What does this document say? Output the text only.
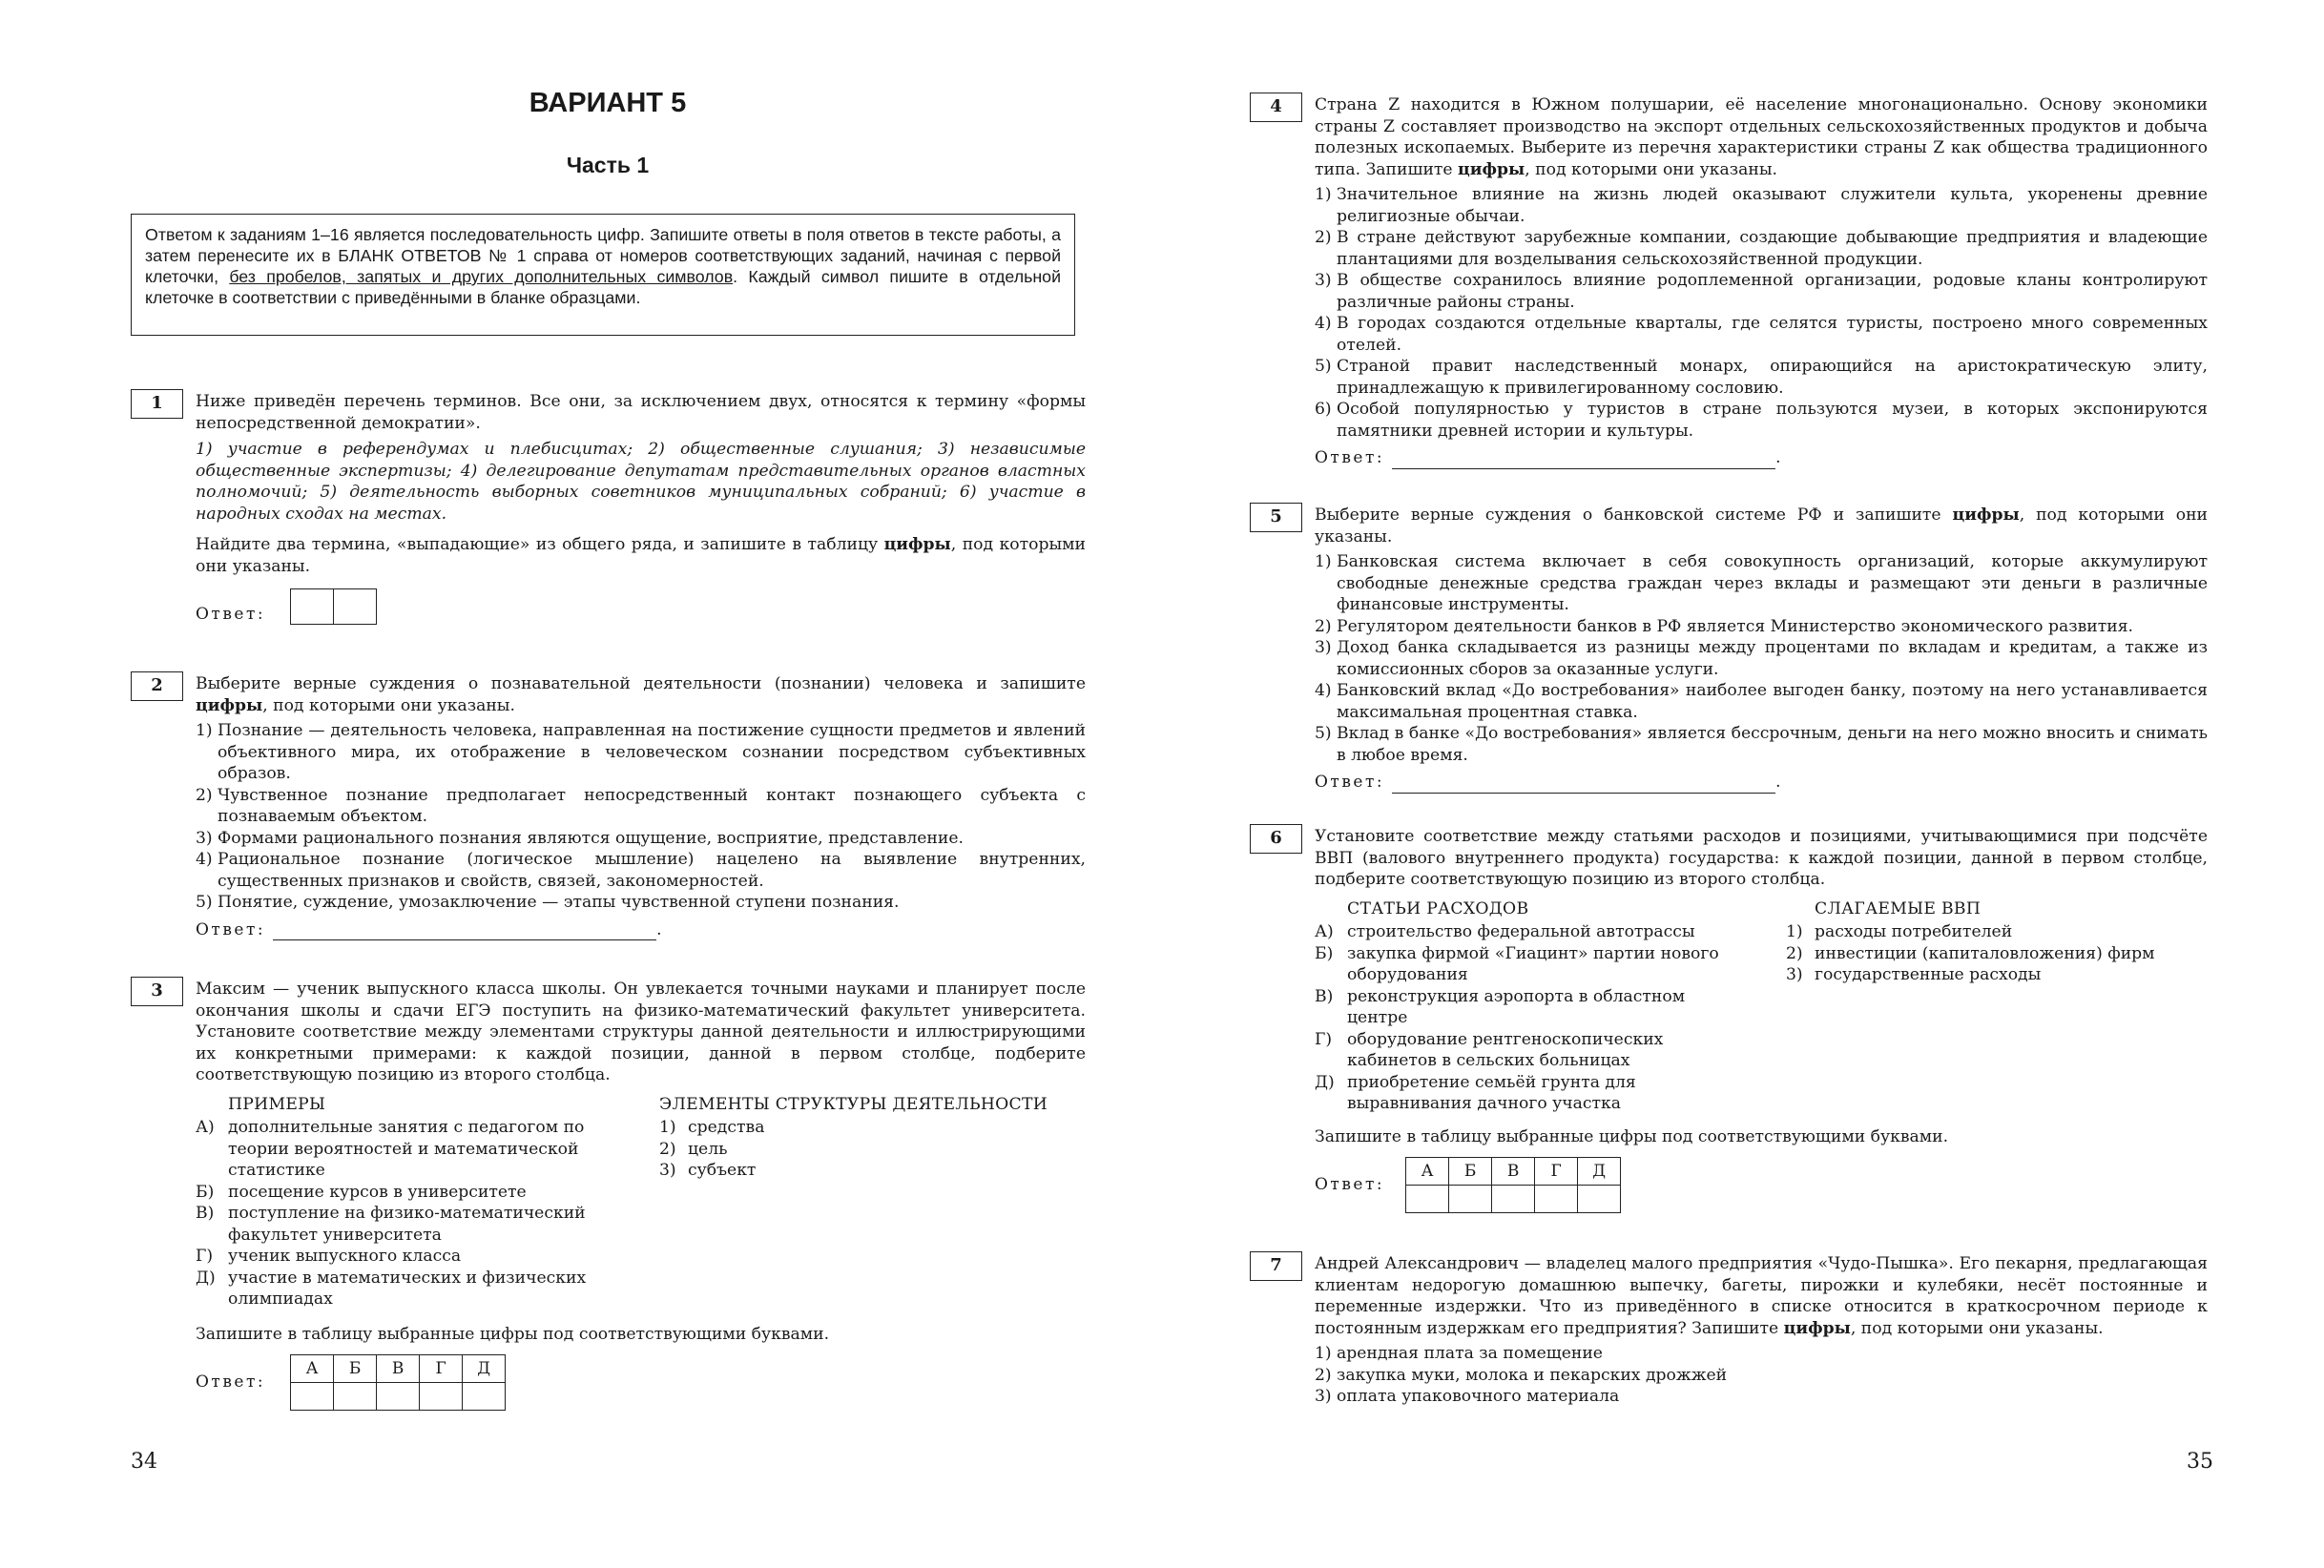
ВАРИАНТ 5
Часть 1
Ответом к заданиям 1–16 является последовательность цифр. Запишите ответы в поля ответов в тексте работы, а затем перенесите их в БЛАНК ОТВЕТОВ № 1 справа от номеров соответствующих заданий, начиная с первой клеточки, без пробелов, запятых и других дополнительных символов. Каждый символ пишите в отдельной клеточке в соответствии с приведёнными в бланке образцами.
1	Ниже приведён перечень терминов. Все они, за исключением двух, относятся к термину «формы непосредственной демократии».

1) участие в референдумах и плебисцитах; 2) общественные слушания; 3) независимые общественные экспертизы; 4) делегирование депутатам представительных органов властных полномочий; 5) деятельность выборных советников муниципальных собраний; 6) участие в народных сходах на местах.

Найдите два термина, «выпадающие» из общего ряда, и запишите в таблицу цифры, под которыми они указаны.

Ответ:

2	Выберите верные суждения о познавательной деятельности (познании) человека и запишите цифры, под которыми они указаны.

1) Познание — деятельность человека, направленная на постижение сущности предметов и явлений объективного мира, их отображение в человеческом сознании посредством субъективных образов.
2) Чувственное познание предполагает непосредственный контакт познающего субъекта с познаваемым объектом.
3) Формами рационального познания являются ощущение, восприятие, представление.
4) Рациональное познание (логическое мышление) нацелено на выявление внутренних, существенных признаков и свойств, связей, закономерностей.
5) Понятие, суждение, умозаключение — этапы чувственной ступени познания.
Ответ:	.
3	Максим — ученик выпускного класса школы. Он увлекается точными науками и планирует после окончания школы и сдачи ЕГЭ поступить на физико-математический факультет университета. Установите соответствие между элементами структуры данной деятельности и иллюстрирующими их конкретными примерами: к каждой позиции, данной в первом столбце, подберите соответствующую позицию из второго столбца.

ПРИМЕРЫ
А) дополнительные занятия с педагогом по теории вероятностей и математической статистике
Б) посещение курсов в университете
В) поступление на физико-математический факультет университета
Г) ученик выпускного класса
Д) участие в математических и физических олимпиадах
ЭЛЕМЕНТЫ СТРУКТУРЫ ДЕЯТЕЛЬНОСТИ
1) средства
2) цель
3) субъект

Запишите в таблицу выбранные цифры под соответствующими буквами.

Ответ:
А	Б	В	Г	Д

34
4	Страна Z находится в Южном полушарии, её население многонационально. Основу экономики страны Z составляет производство на экспорт отдельных сельскохозяйственных продуктов и добыча полезных ископаемых. Выберите из перечня характеристики страны Z как общества традиционного типа. Запишите цифры, под которыми они указаны.

1) Значительное влияние на жизнь людей оказывают служители культа, укоренены древние религиозные обычаи.
2) В стране действуют зарубежные компании, создающие добывающие предприятия и владеющие плантациями для возделывания сельскохозяйственной продукции.
3) В обществе сохранилось влияние родоплеменной организации, родовые кланы контролируют различные районы страны.
4) В городах создаются отдельные кварталы, где селятся туристы, построено много современных отелей.
5) Страной правит наследственный монарх, опирающийся на аристократическую элиту, принадлежащую к привилегированному сословию.
6) Особой популярностью у туристов в стране пользуются музеи, в которых экспонируются памятники древней истории и культуры.
Ответ:	.
5	Выберите верные суждения о банковской системе РФ и запишите цифры, под которыми они указаны.

1) Банковская система включает в себя совокупность организаций, которые аккумулируют свободные денежные средства граждан через вклады и размещают эти деньги в различные финансовые инструменты.
2) Регулятором деятельности банков в РФ является Министерство экономического развития.
3) Доход банка складывается из разницы между процентами по вкладам и кредитам, а также из комиссионных сборов за оказанные услуги.
4) Банковский вклад «До востребования» наиболее выгоден банку, поэтому на него устанавливается максимальная процентная ставка.
5) Вклад в банке «До востребования» является бессрочным, деньги на него можно вносить и снимать в любое время.
Ответ:	.
6	Установите соответствие между статьями расходов и позициями, учитывающимися при подсчёте ВВП (валового внутреннего продукта) государства: к каждой позиции, данной в первом столбце, подберите соответствующую позицию из второго столбца.

СТАТЬИ РАСХОДОВ
А) строительство федеральной автотрассы
Б) закупка фирмой «Гиацинт» партии нового оборудования
В) реконструкция аэропорта в областном центре
Г) оборудование рентгеноскопических кабинетов в сельских больницах
Д) приобретение семьёй грунта для выравнивания дачного участка
СЛАГАЕМЫЕ ВВП
1) расходы потребителей
2) инвестиции (капиталовложения) фирм
3) государственные расходы

Запишите в таблицу выбранные цифры под соответствующими буквами.

Ответ:
А	Б	В	Г	Д

7	Андрей Александрович — владелец малого предприятия «Чудо-Пышка». Его пекарня, предлагающая клиентам недорогую домашнюю выпечку, багеты, пирожки и кулебяки, несёт постоянные и переменные издержки. Что из приведённого в списке относится в краткосрочном периоде к постоянным издержкам его предприятия? Запишите цифры, под которыми они указаны.

1) арендная плата за помещение
2) закупка муки, молока и пекарских дрожжей
3) оплата упаковочного материала
35
